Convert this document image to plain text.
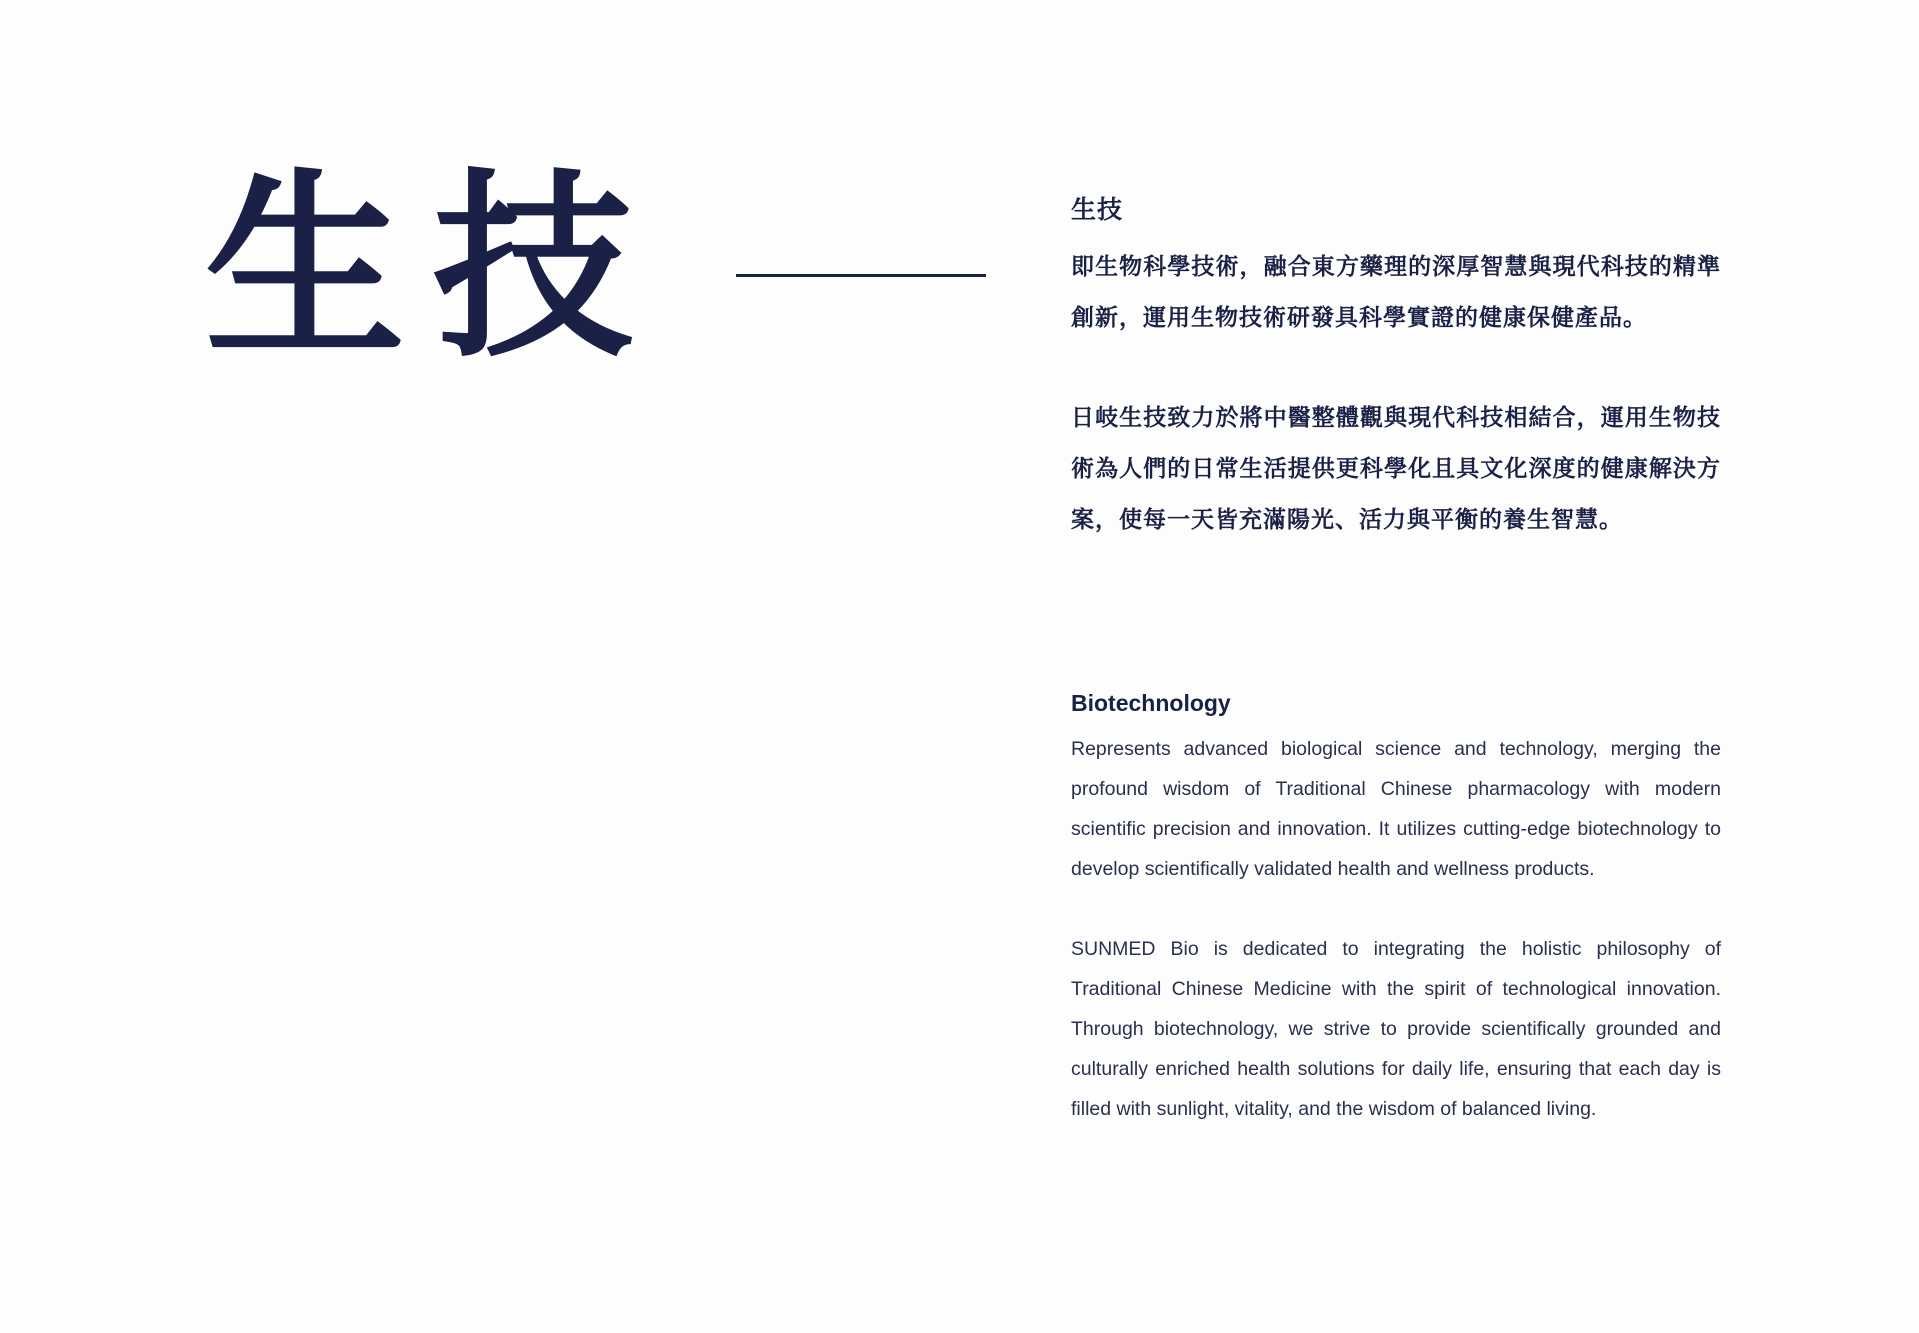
生技	生技

即生物科學技術，融合東方藥理的深厚智慧與現代科技的精準創新，運用生物技術研發具科學實證的健康保健產品。

日岐生技致力於將中醫整體觀與現代科技相結合，運用生物技術為人們的日常生活提供更科學化且具文化深度的健康解決方案，使每一天皆充滿陽光、活力與平衡的養生智慧。

Biotechnology

Represents advanced biological science and technology, merging the profound wisdom of Traditional Chinese pharmacology with modern scientific precision and innovation. It utilizes cutting-edge biotechnology to develop scientifically validated health and wellness products.

SUNMED Bio is dedicated to integrating the holistic philosophy of Traditional Chinese Medicine with the spirit of technological innovation. Through biotechnology, we strive to provide scientifically grounded and culturally enriched health solutions for daily life, ensuring that each day is filled with sunlight, vitality, and the wisdom of balanced living.
